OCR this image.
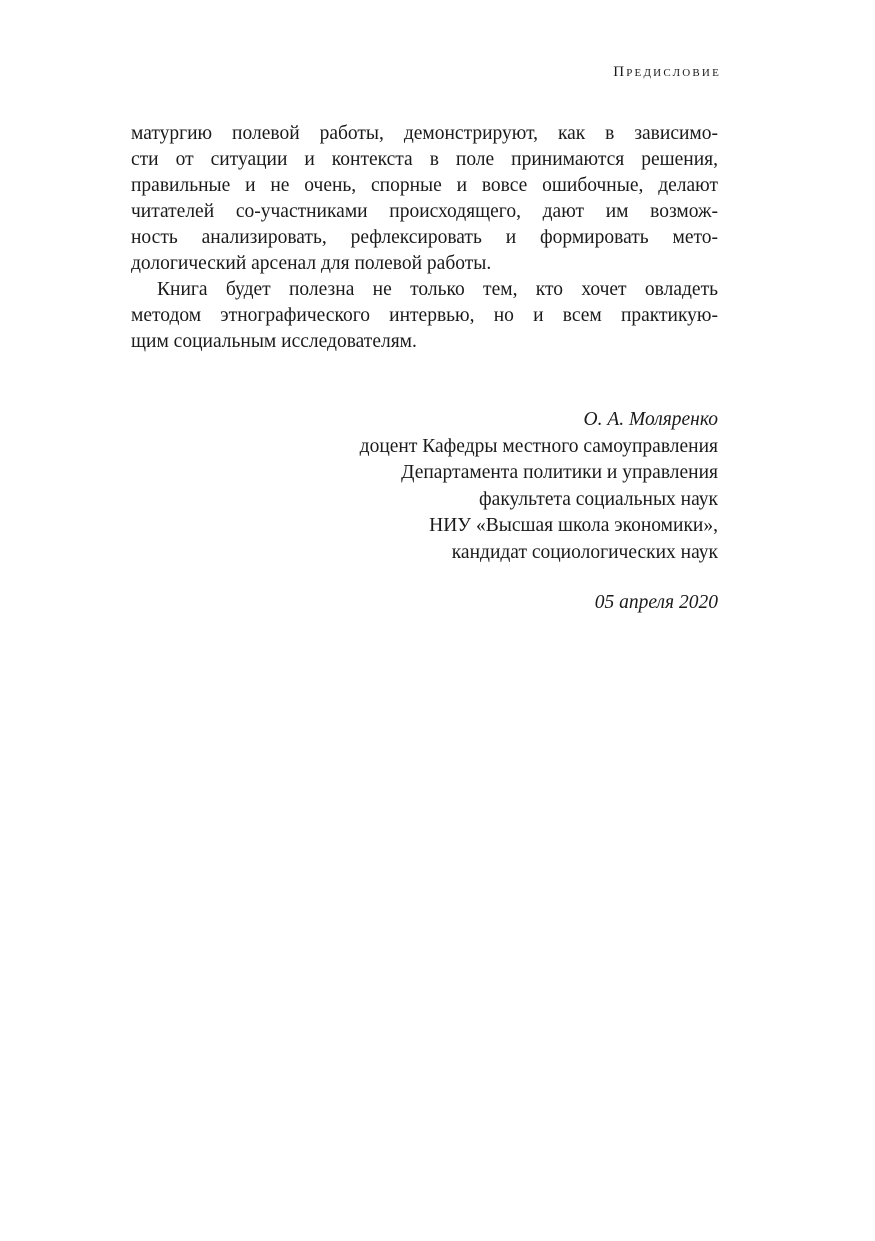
Предисловие
матургию полевой работы, демонстрируют, как в зависимо-
сти от ситуации и контекста в поле принимаются решения,
правильные и не очень, спорные и вовсе ошибочные, делают
читателей со-участниками происходящего, дают им возмож-
ность анализировать, рефлексировать и формировать мето-
дологический арсенал для полевой работы.
Книга будет полезна не только тем, кто хочет овладеть
методом этнографического интервью, но и всем практикую-
щим социальным исследователям.
О. А. Моляренко
доцент Кафедры местного самоуправления
Департамента политики и управления
факультета социальных наук
НИУ «Высшая школа экономики»,
кандидат социологических наук
05 апреля 2020
